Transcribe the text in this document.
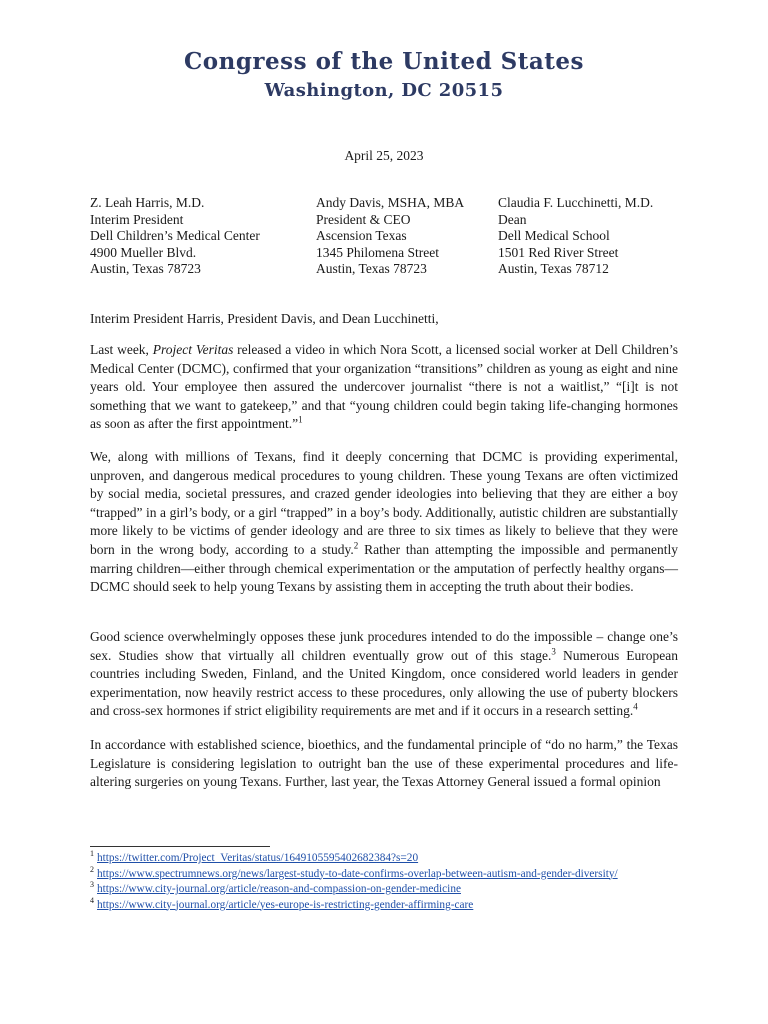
Congress of the United States
Washington, DC 20515
April 25, 2023
Z. Leah Harris, M.D.
Interim President
Dell Children’s Medical Center
4900 Mueller Blvd.
Austin, Texas 78723
Andy Davis, MSHA, MBA
President & CEO
Ascension Texas
1345 Philomena Street
Austin, Texas 78723
Claudia F. Lucchinetti, M.D.
Dean
Dell Medical School
1501 Red River Street
Austin, Texas 78712
Interim President Harris, President Davis, and Dean Lucchinetti,
Last week, Project Veritas released a video in which Nora Scott, a licensed social worker at Dell Children’s Medical Center (DCMC), confirmed that your organization “transitions” children as young as eight and nine years old. Your employee then assured the undercover journalist “there is not a waitlist,” “[i]t is not something that we want to gatekeep,” and that “young children could begin taking life-changing hormones as soon as after the first appointment.”$^1$
We, along with millions of Texans, find it deeply concerning that DCMC is providing experimental, unproven, and dangerous medical procedures to young children. These young Texans are often victimized by social media, societal pressures, and crazed gender ideologies into believing that they are either a boy “trapped” in a girl’s body, or a girl “trapped” in a boy’s body. Additionally, autistic children are substantially more likely to be victims of gender ideology and are three to six times as likely to believe that they were born in the wrong body, according to a study.$^2$ Rather than attempting the impossible and permanently marring children—either through chemical experimentation or the amputation of perfectly healthy organs—DCMC should seek to help young Texans by assisting them in accepting the truth about their bodies.
Good science overwhelmingly opposes these junk procedures intended to do the impossible – change one’s sex. Studies show that virtually all children eventually grow out of this stage.$^3$ Numerous European countries including Sweden, Finland, and the United Kingdom, once considered world leaders in gender experimentation, now heavily restrict access to these procedures, only allowing the use of puberty blockers and cross-sex hormones if strict eligibility requirements are met and if it occurs in a research setting.$^4$
In accordance with established science, bioethics, and the fundamental principle of “do no harm,” the Texas Legislature is considering legislation to outright ban the use of these experimental procedures and life-altering surgeries on young Texans. Further, last year, the Texas Attorney General issued a formal opinion
$^1$ https://twitter.com/Project_Veritas/status/1649105595402682384?s=20
$^2$ https://www.spectrumnews.org/news/largest-study-to-date-confirms-overlap-between-autism-and-gender-diversity/
$^3$ https://www.city-journal.org/article/reason-and-compassion-on-gender-medicine
$^4$ https://www.city-journal.org/article/yes-europe-is-restricting-gender-affirming-care
